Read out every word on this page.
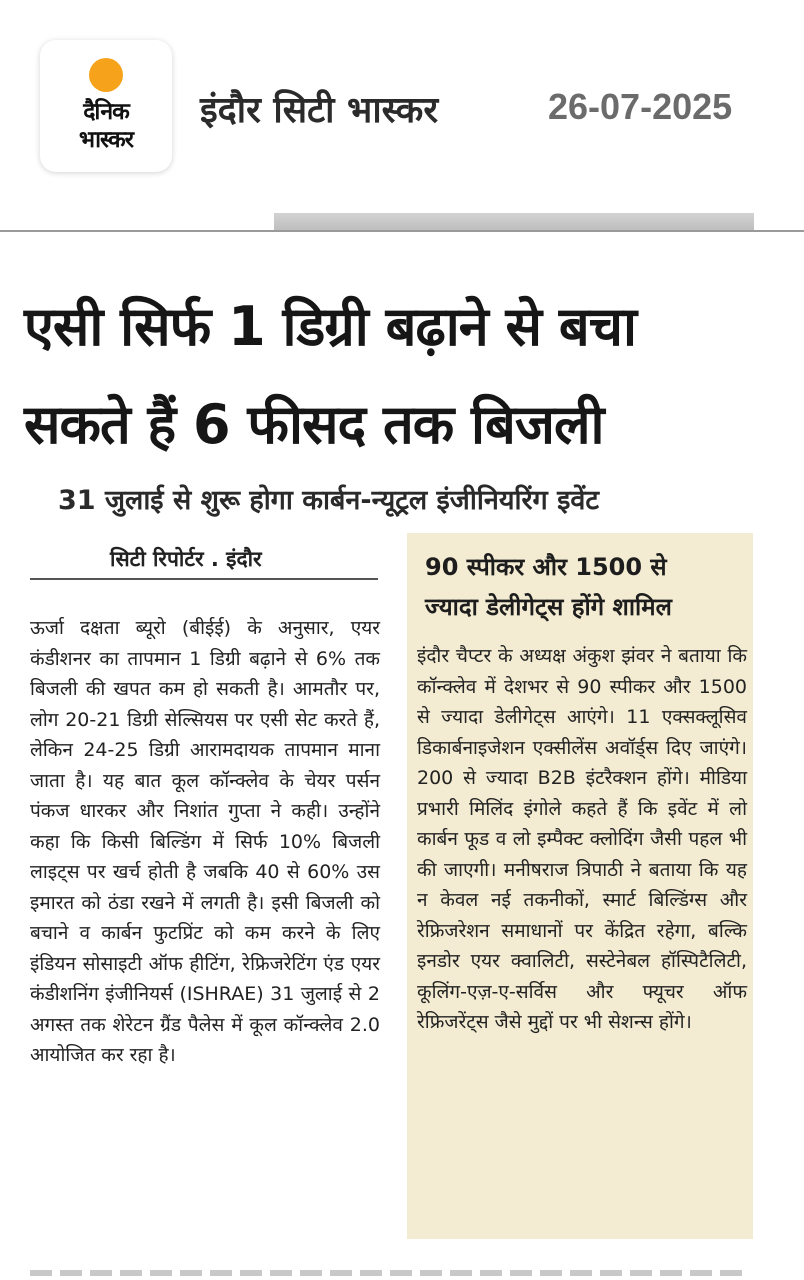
दैनिक
भास्कर
इंदौर सिटी भास्कर	26-07-2025
एसी सिर्फ 1 डिग्री बढ़ाने से बचा
सकते हैं 6 फीसद तक बिजली
31 जुलाई से शुरू होगा कार्बन-न्यूट्रल इंजीनियरिंग इवेंट
सिटी रिपोर्टर . इंदौर
ऊर्जा दक्षता ब्यूरो (बीईई) के अनुसार, एयर कंडीशनर का तापमान 1 डिग्री बढ़ाने से 6% तक बिजली की खपत कम हो सकती है। आमतौर पर, लोग 20-21 डिग्री सेल्सियस पर एसी सेट करते हैं, लेकिन 24-25 डिग्री आरामदायक तापमान माना जाता है। यह बात कूल कॉन्क्लेव के चेयर पर्सन पंकज धारकर और निशांत गुप्ता ने कही। उन्होंने कहा कि किसी बिल्डिंग में सिर्फ 10% बिजली लाइट्स पर खर्च होती है जबकि 40 से 60% उस इमारत को ठंडा रखने में लगती है। इसी बिजली को बचाने व कार्बन फुटप्रिंट को कम करने के लिए इंडियन सोसाइटी ऑफ हीटिंग, रेफ्रिजरेटिंग एंड एयर कंडीशनिंग इंजीनियर्स (ISHRAE) 31 जुलाई से 2 अगस्त तक शेरेटन ग्रैंड पैलेस में कूल कॉन्क्लेव 2.0 आयोजित कर रहा है।
90 स्पीकर और 1500 से
ज्यादा डेलीगेट्स होंगे शामिल
इंदौर चैप्टर के अध्यक्ष अंकुश झंवर ने बताया कि कॉन्क्लेव में देशभर से 90 स्पीकर और 1500 से ज्यादा डेलीगेट्स आएंगे। 11 एक्सक्लूसिव डिकार्बनाइजेशन एक्सीलेंस अवॉर्ड्स दिए जाएंगे। 200 से ज्यादा B2B इंटरैक्शन होंगे। मीडिया प्रभारी मिलिंद इंगोले कहते हैं कि इवेंट में लो कार्बन फूड व लो इम्पैक्ट क्लोदिंग जैसी पहल भी की जाएगी। मनीषराज त्रिपाठी ने बताया कि यह न केवल नई तकनीकों, स्मार्ट बिल्डिंग्स और रेफ्रिजरेशन समाधानों पर केंद्रित रहेगा, बल्कि इनडोर एयर क्वालिटी, सस्टेनेबल हॉस्पिटैलिटी, कूलिंग-एज़-ए-सर्विस और फ्यूचर ऑफ रेफ्रिजरेंट्स जैसे मुद्दों पर भी सेशन्स होंगे।
